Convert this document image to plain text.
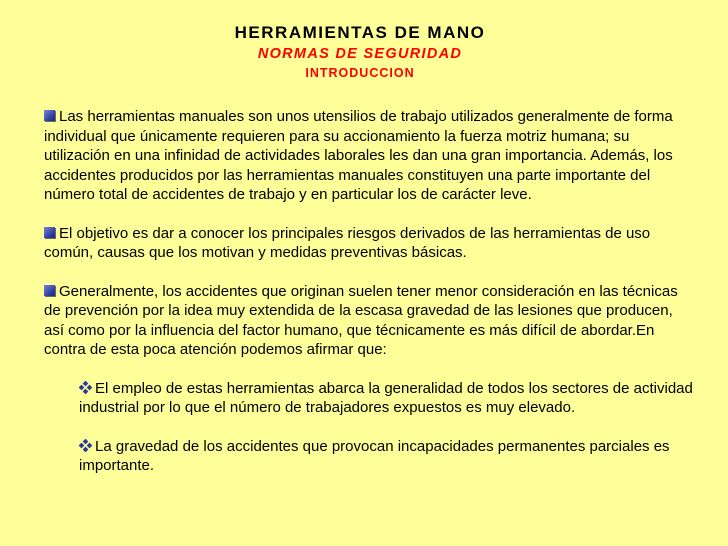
HERRAMIENTAS DE MANO
NORMAS DE SEGURIDAD
INTRODUCCION
Las herramientas manuales son unos utensilios de trabajo utilizados generalmente de forma individual que únicamente requieren para su accionamiento la fuerza motriz humana; su utilización en una infinidad de actividades laborales les dan una gran importancia. Además, los accidentes producidos por las herramientas manuales constituyen una parte importante del número total de accidentes de trabajo y en particular los de carácter leve.
El objetivo es dar a conocer los principales riesgos derivados de las herramientas de uso común, causas que los motivan y medidas preventivas básicas.
Generalmente, los accidentes que originan suelen tener menor consideración en las técnicas de prevención por la idea muy extendida de la escasa gravedad de las lesiones que producen, así como por la influencia del factor humano, que técnicamente es más difícil de abordar.En contra de esta poca atención podemos afirmar que:
El empleo de estas herramientas abarca la generalidad de todos los sectores de actividad industrial por lo que el número de trabajadores expuestos es muy elevado.
La gravedad de los accidentes que provocan incapacidades permanentes parciales es importante.
